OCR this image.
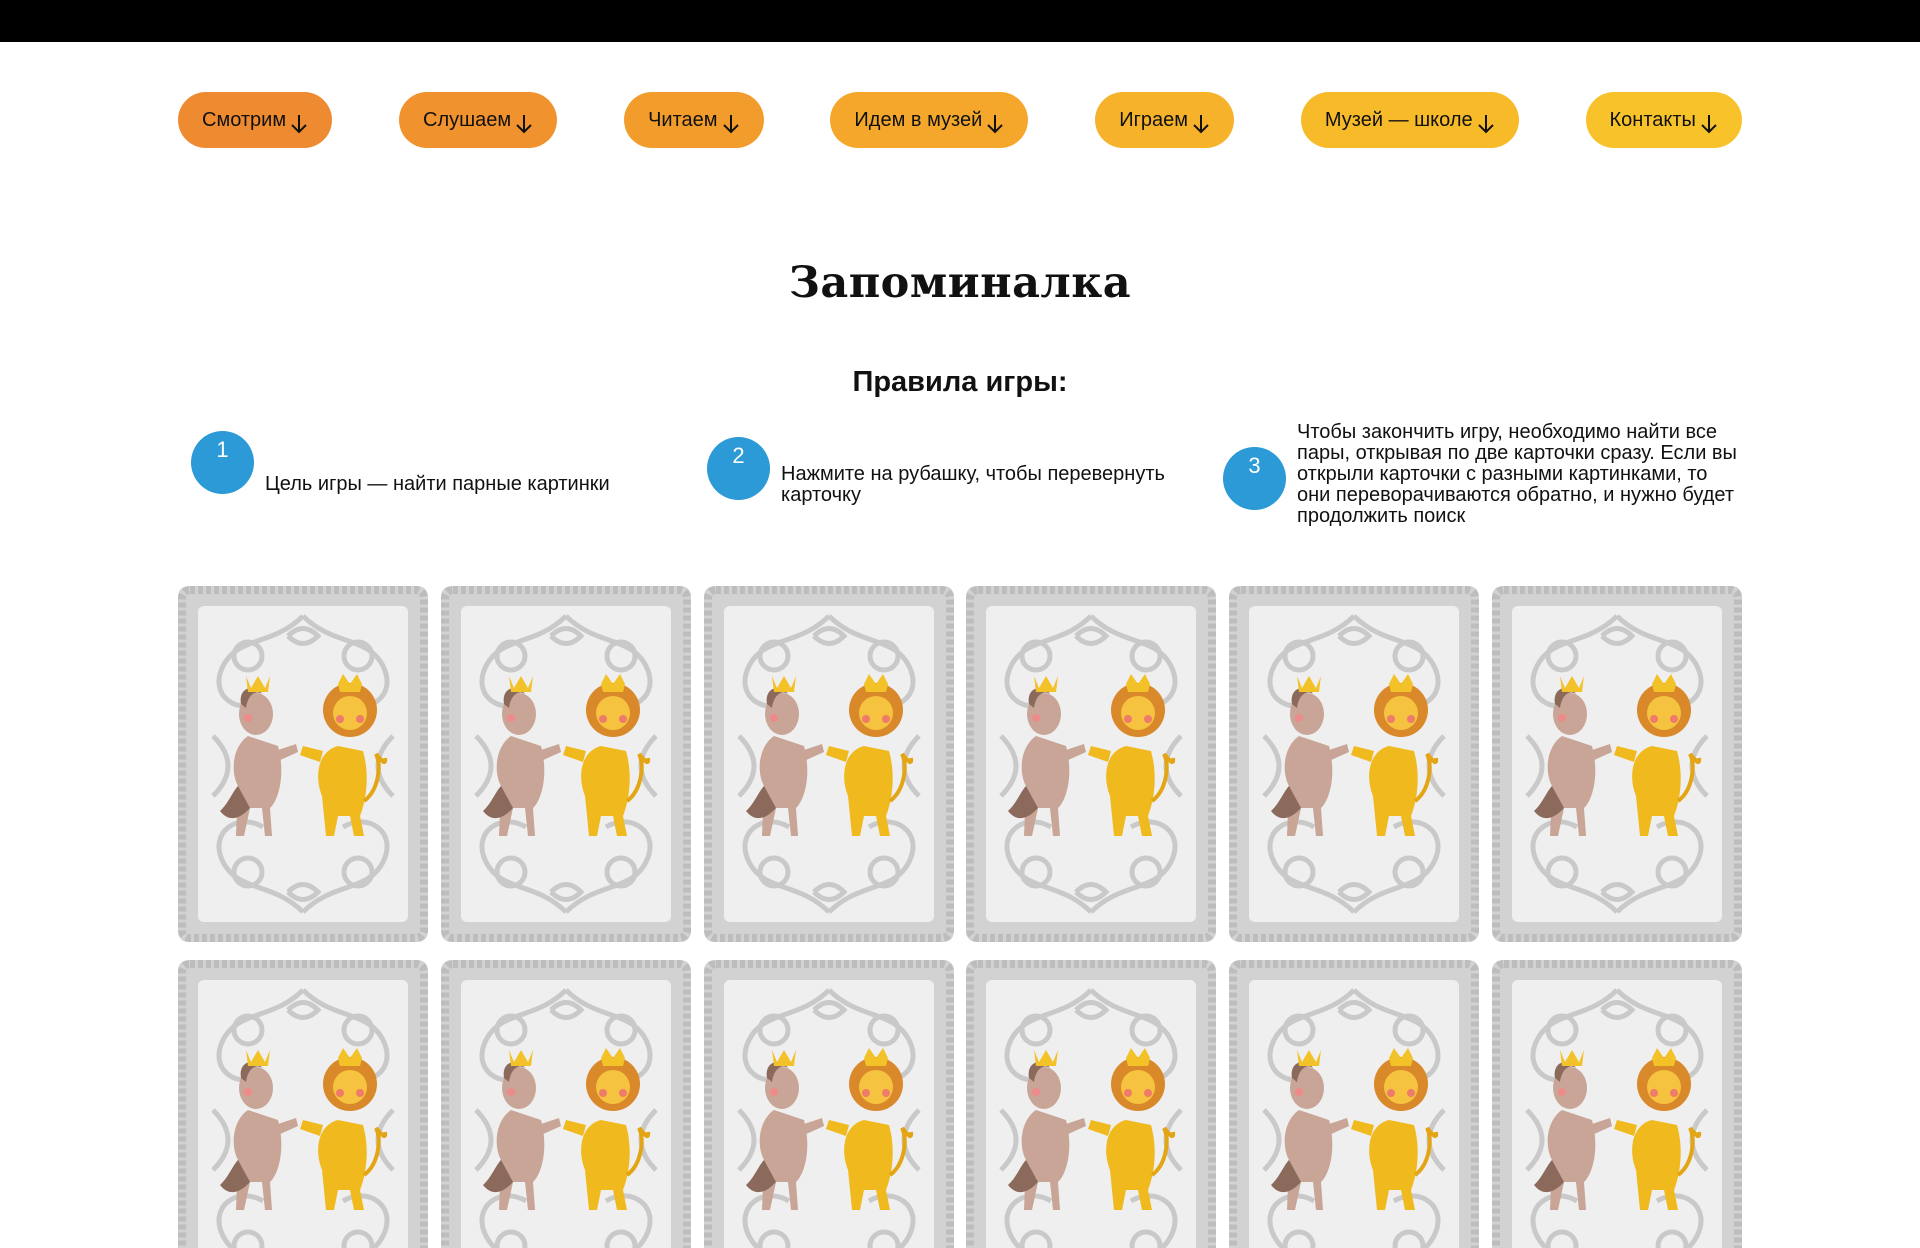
Смотрим	Слушаем	Читаем	Идем в музей	Играем	Музей — школе	Контакты
Запоминалка
Правила игры:
1
Цель игры — найти парные картинки
2
Нажмите на рубашку, чтобы перевернуть карточку
3
Чтобы закончить игру, необходимо найти все пары, открывая по две карточки сразу. Если вы открыли карточки с разными картинками, то они переворачиваются обратно, и нужно будет продолжить поиск
